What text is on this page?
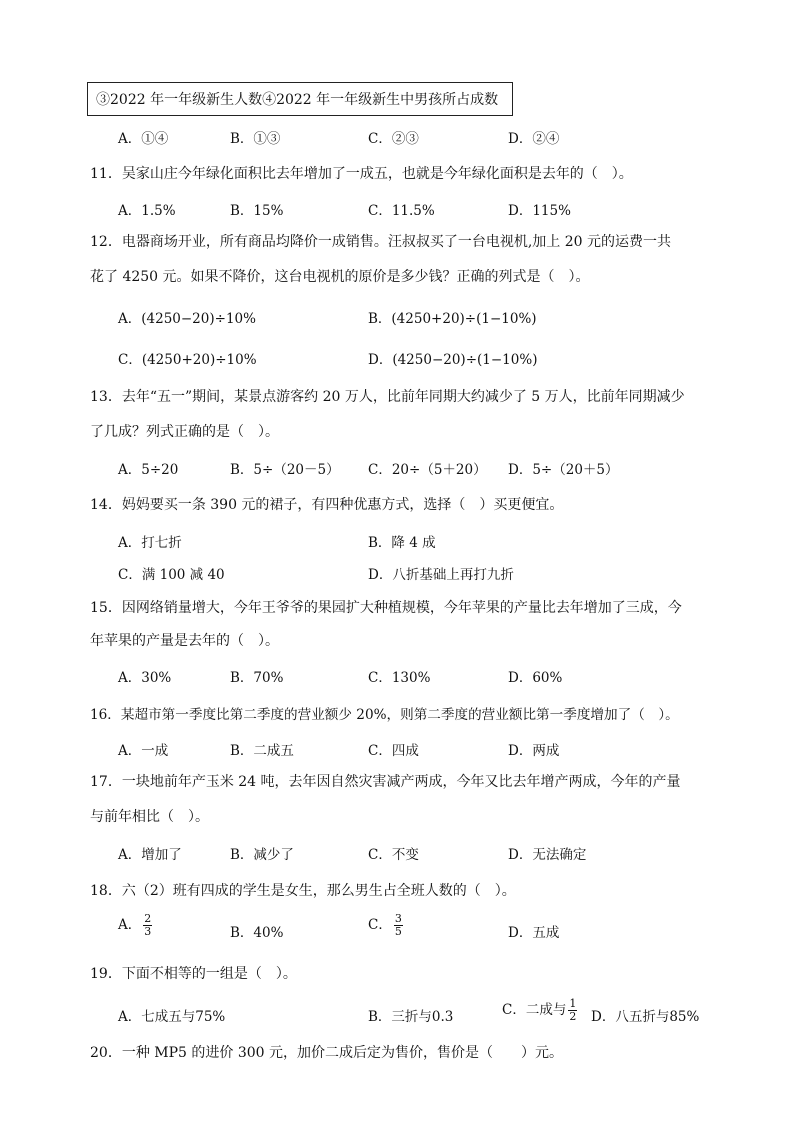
③2022 年一年级新生人数④2022 年一年级新生中男孩所占成数
A．①④	B．①③	C．②③	D．②④
11．吴家山庄今年绿化面积比去年增加了一成五，也就是今年绿化面积是去年的（　）。
A．1.5%	B．15%	C．11.5%	D．115%
12．电器商场开业，所有商品均降价一成销售。汪叔叔买了一台电视机,加上 20 元的运费一共
花了 4250 元。如果不降价，这台电视机的原价是多少钱？正确的列式是（　）。
A．(4250−20)÷10%	B．(4250+20)÷(1−10%)
C．(4250+20)÷10%	D．(4250−20)÷(1−10%)
13．去年“五一”期间，某景点游客约 20 万人，比前年同期大约减少了 5 万人，比前年同期减少
了几成？列式正确的是（　）。
A．5÷20	B．5÷（20－5） C．20÷（5＋20） D．5÷（20＋5）
14．妈妈要买一条 390 元的裙子，有四种优惠方式，选择（　）买更便宜。
A．打七折	B．降 4 成
C．满 100 减 40	D．八折基础上再打九折
15．因网络销量增大，今年王爷爷的果园扩大种植规模，今年苹果的产量比去年增加了三成，今
年苹果的产量是去年的（　）。
A．30%	B．70%	C．130%	D．60%
16．某超市第一季度比第二季度的营业额少 20%，则第二季度的营业额比第一季度增加了（　）。
A．一成	B．二成五	C．四成	D．两成
17．一块地前年产玉米 24 吨，去年因自然灾害减产两成，今年又比去年增产两成，今年的产量
与前年相比（　）。
A．增加了	B．减少了	C．不变	D．无法确定
18．六（2）班有四成的学生是女生，那么男生占全班人数的（　）。
A． $\frac{2}{3}$	B．40%	C． $\frac{3}{5}$	D．五成
19．下面不相等的一组是（　）。
A．七成五与75%	B．三折与0.3	C．二成与 $\frac{1}{2}$ D．八五折与85%
20．一种 MP5 的进价 300 元，加价二成后定为售价，售价是（　　）元。
